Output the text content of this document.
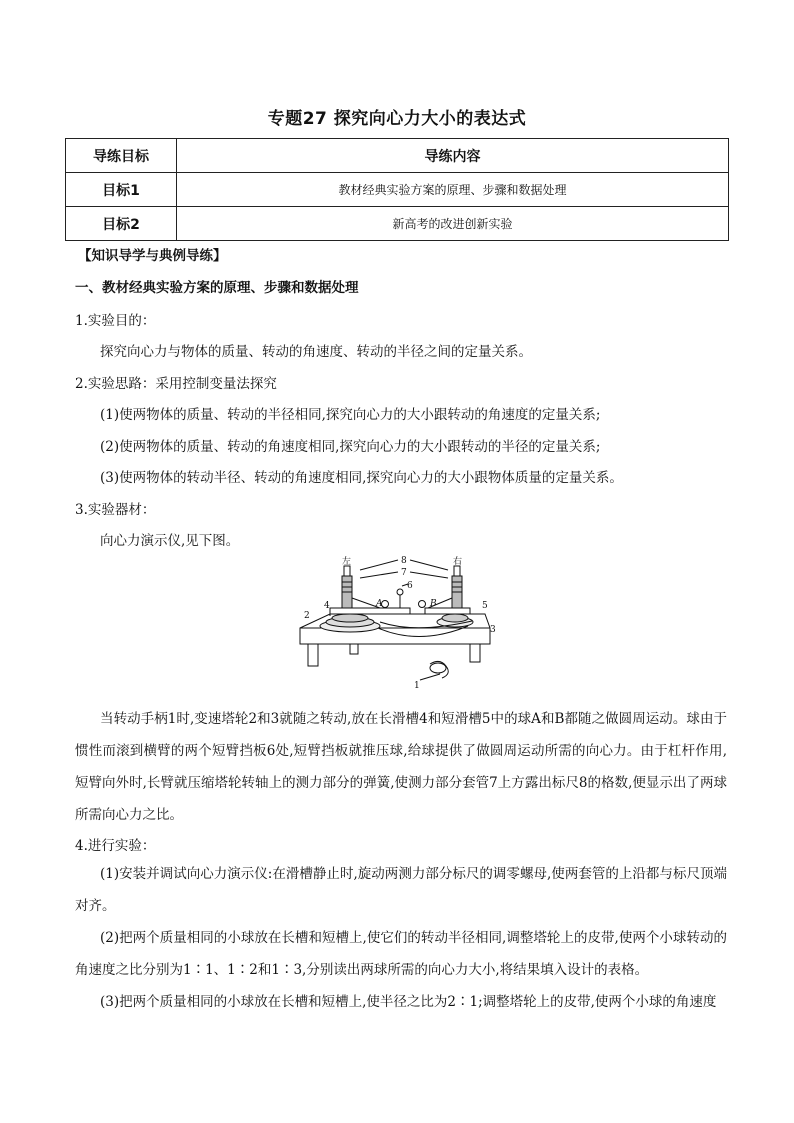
专题27 探究向心力大小的表达式
导练目标	导练内容
目标1	教材经典实验方案的原理、步骤和数据处理
目标2	新高考的改进创新实验
【知识导学与典例导练】
一、教材经典实验方案的原理、步骤和数据处理
1.实验目的：
探究向心力与物体的质量、转动的角速度、转动的半径之间的定量关系。
2.实验思路：采用控制变量法探究
(1)使两物体的质量、转动的半径相同,探究向心力的大小跟转动的角速度的定量关系;
(2)使两物体的质量、转动的角速度相同,探究向心力的大小跟转动的半径的定量关系;
(3)使两物体的转动半径、转动的角速度相同,探究向心力的大小跟物体质量的定量关系。
3.实验器材：
向心力演示仪,见下图。
左	右
8
7
6
5
4
3
2
1
A	B
当转动手柄1时,变速塔轮2和3就随之转动,放在长滑槽4和短滑槽5中的球A和B都随之做圆周运动。球由于惯性而滚到横臂的两个短臂挡板6处,短臂挡板就推压球,给球提供了做圆周运动所需的向心力。由于杠杆作用,短臂向外时,长臂就压缩塔轮转轴上的测力部分的弹簧,使测力部分套管7上方露出标尺8的格数,便显示出了两球所需向心力之比。
4.进行实验：
(1)安装并调试向心力演示仪:在滑槽静止时,旋动两测力部分标尺的调零螺母,使两套管的上沿都与标尺顶端对齐。
(2)把两个质量相同的小球放在长槽和短槽上,使它们的转动半径相同,调整塔轮上的皮带,使两个小球转动的角速度之比分别为1∶1、1∶2和1∶3,分别读出两球所需的向心力大小,将结果填入设计的表格。
(3)把两个质量相同的小球放在长槽和短槽上,使半径之比为2∶1;调整塔轮上的皮带,使两个小球的角速度
